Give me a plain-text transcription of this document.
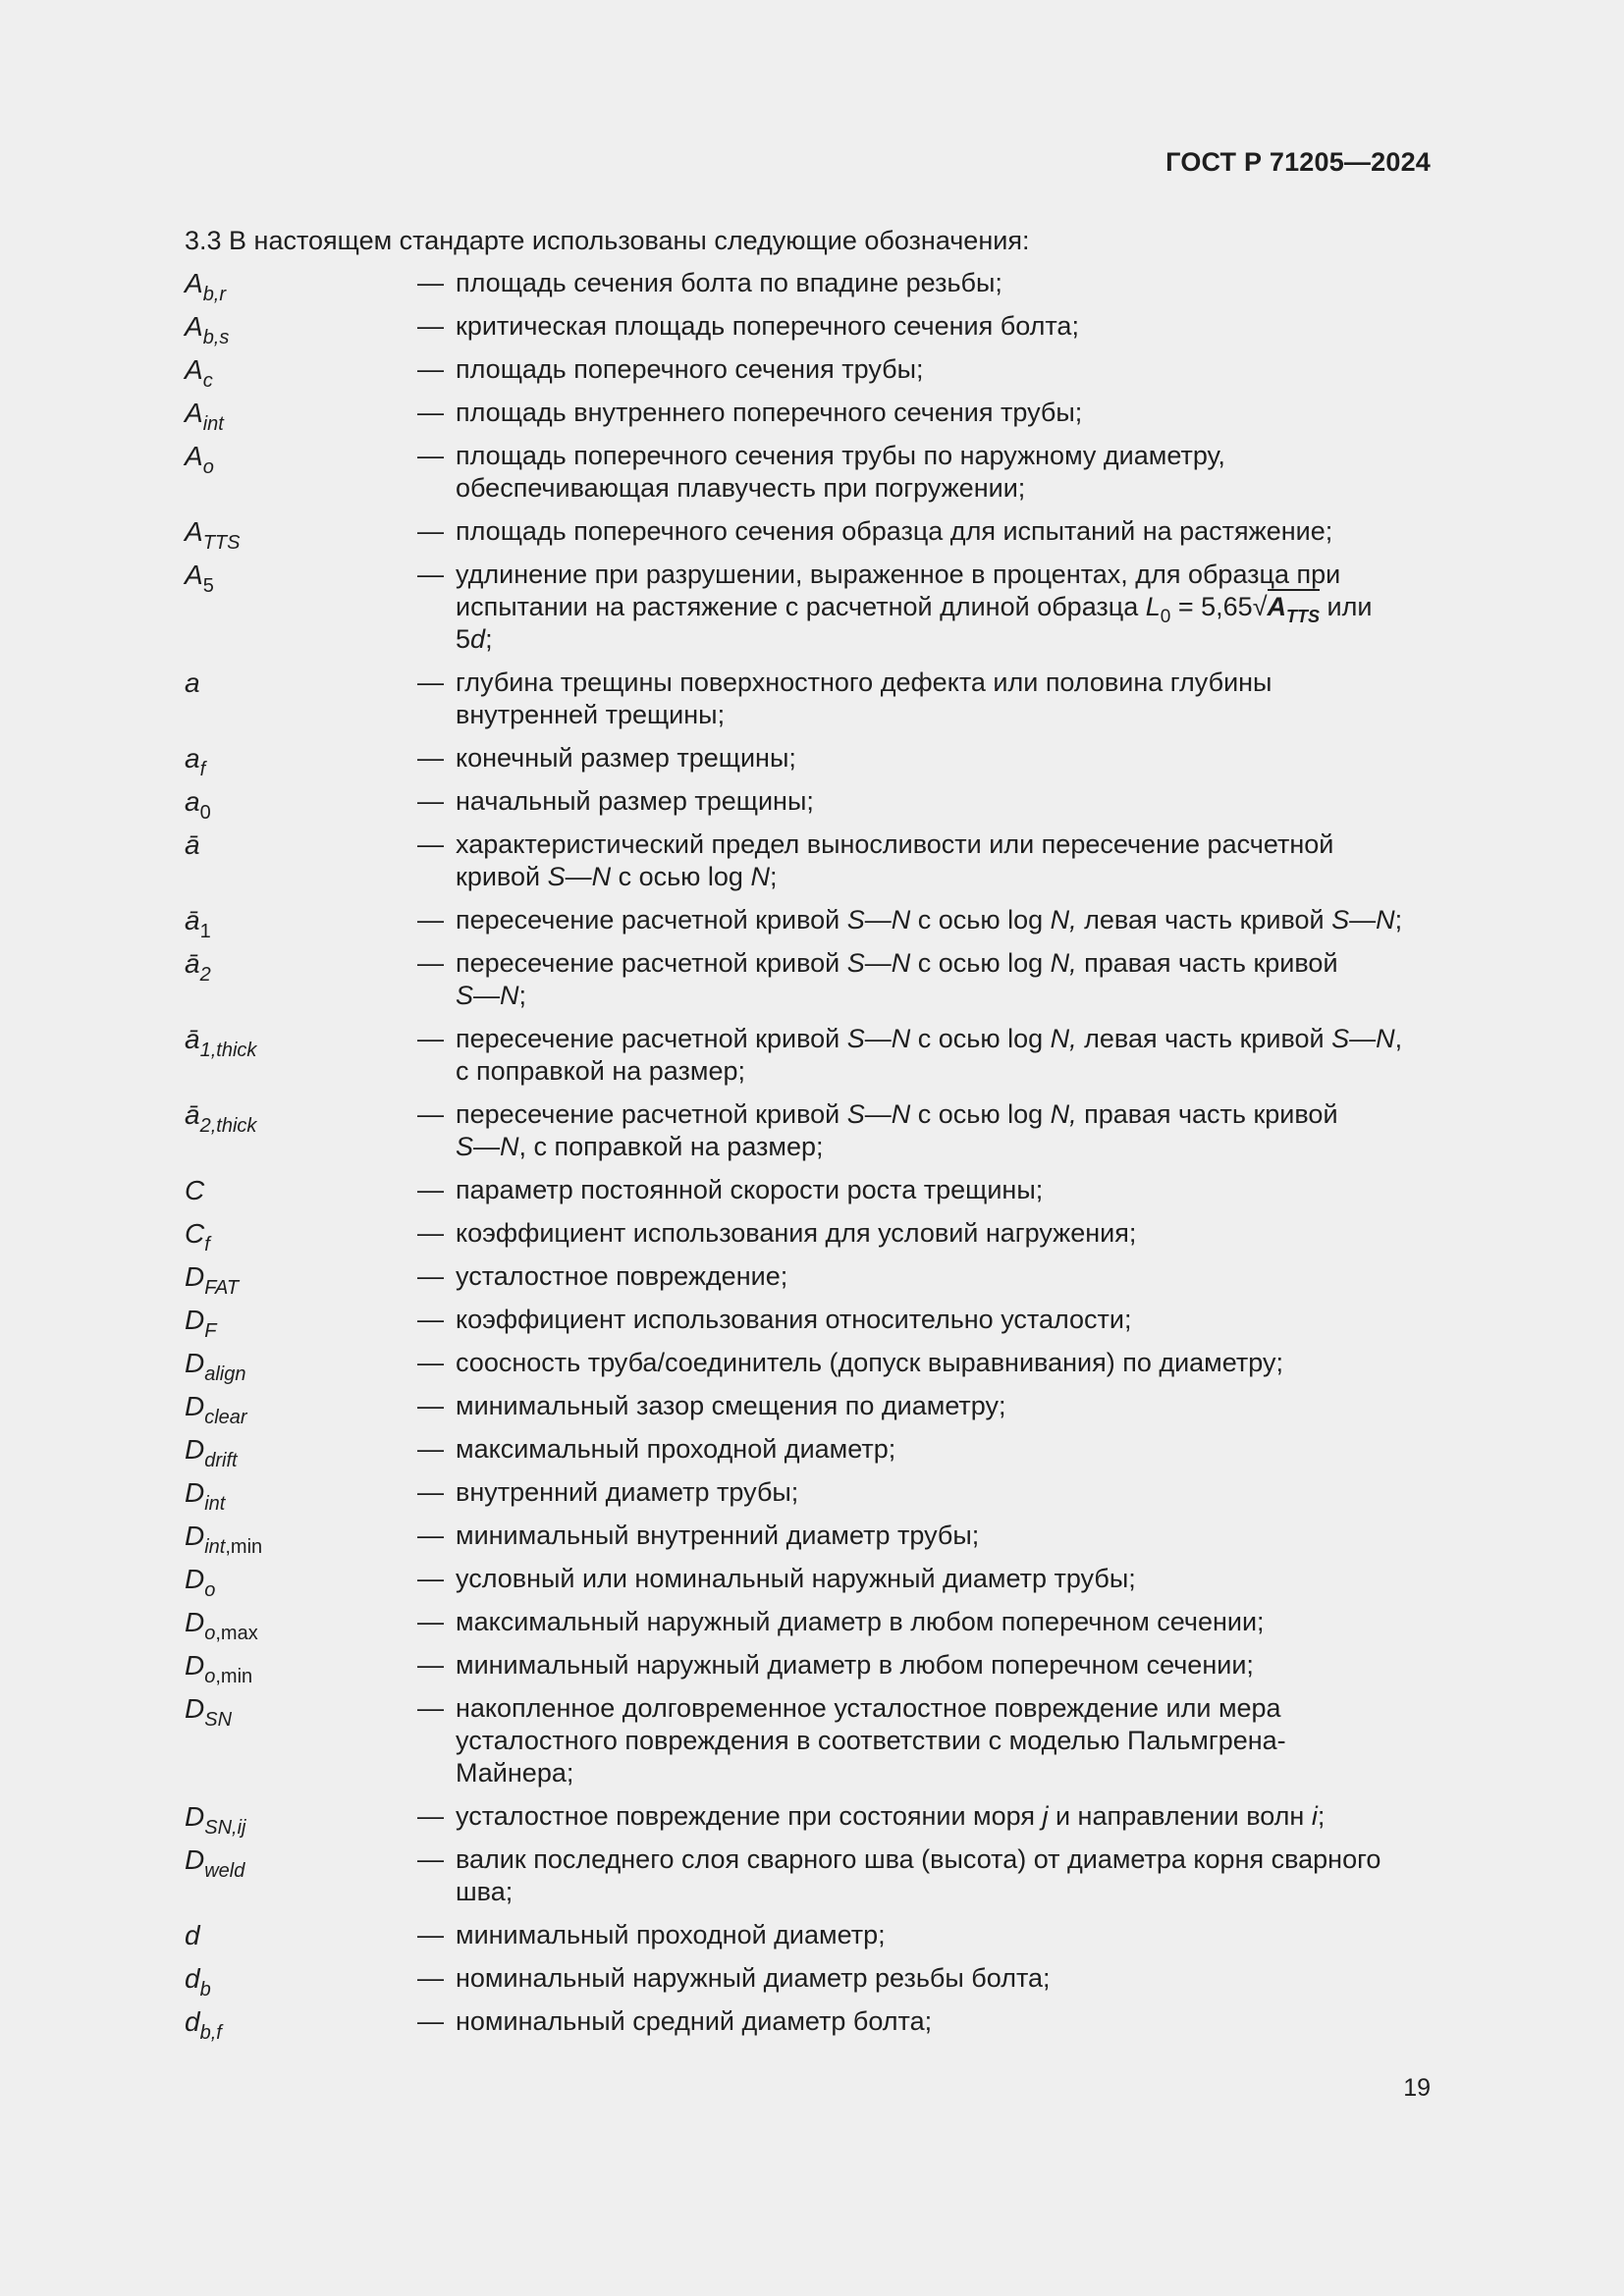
ГОСТ Р 71205—2024
3.3 В настоящем стандарте использованы следующие обозначения:
$A_{b,r}$	— площадь сечения болта по впадине резьбы;
$A_{b,s}$	— критическая площадь поперечного сечения болта;
$A_c$	— площадь поперечного сечения трубы;
$A_{int}$	— площадь внутреннего поперечного сечения трубы;
$A_o$	— площадь поперечного сечения трубы по наружному диаметру,
обеспечивающая плавучесть при погружении;
$A_{TTS}$	— площадь поперечного сечения образца для испытаний на растяжение;
$A_5$	— удлинение при разрушении, выраженное в процентах, для образца при
испытании на растяжение с расчетной длиной образца $L_0 = 5,65√A_{TTS}$ или
5d;
a	— глубина трещины поверхностного дефекта или половина глубины
внутренней трещины;
$a_f$	— конечный размер трещины;
$a_0$	— начальный размер трещины;
ā	— характеристический предел выносливости или пересечение расчетной
кривой S—N с осью log N;
$ā_1$	— пересечение расчетной кривой S—N с осью log N, левая часть кривой S—N;
$ā_2$	— пересечение расчетной кривой S—N с осью log N, правая часть кривой
S—N;
$ā_{1,thick}$	— пересечение расчетной кривой S—N с осью log N, левая часть кривой S—N,
с поправкой на размер;
$ā_{2,thick}$	— пересечение расчетной кривой S—N с осью log N, правая часть кривой
S—N, с поправкой на размер;
C	— параметр постоянной скорости роста трещины;
$C_f$	— коэффициент использования для условий нагружения;
$D_{FAT}$	— усталостное повреждение;
$D_F$	— коэффициент использования относительно усталости;
$D_{align}$	— соосность труба/соединитель (допуск выравнивания) по диаметру;
$D_{clear}$	— минимальный зазор смещения по диаметру;
$D_{drift}$	— максимальный проходной диаметр;
$D_{int}$	— внутренний диаметр трубы;
$D_{int,min}$	— минимальный внутренний диаметр трубы;
$D_o$	— условный или номинальный наружный диаметр трубы;
$D_{o,max}$	— максимальный наружный диаметр в любом поперечном сечении;
$D_{o,min}$	— минимальный наружный диаметр в любом поперечном сечении;
$D_{SN}$	— накопленное долговременное усталостное повреждение или мера
усталостного повреждения в соответствии с моделью Пальмгрена-
Майнера;
$D_{SN,ij}$	— усталостное повреждение при состоянии моря j и направлении волн i;
$D_{weld}$	— валик последнего слоя сварного шва (высота) от диаметра корня сварного
шва;
d	— минимальный проходной диаметр;
$d_b$	— номинальный наружный диаметр резьбы болта;
$d_{b,f}$	— номинальный средний диаметр болта;
19
